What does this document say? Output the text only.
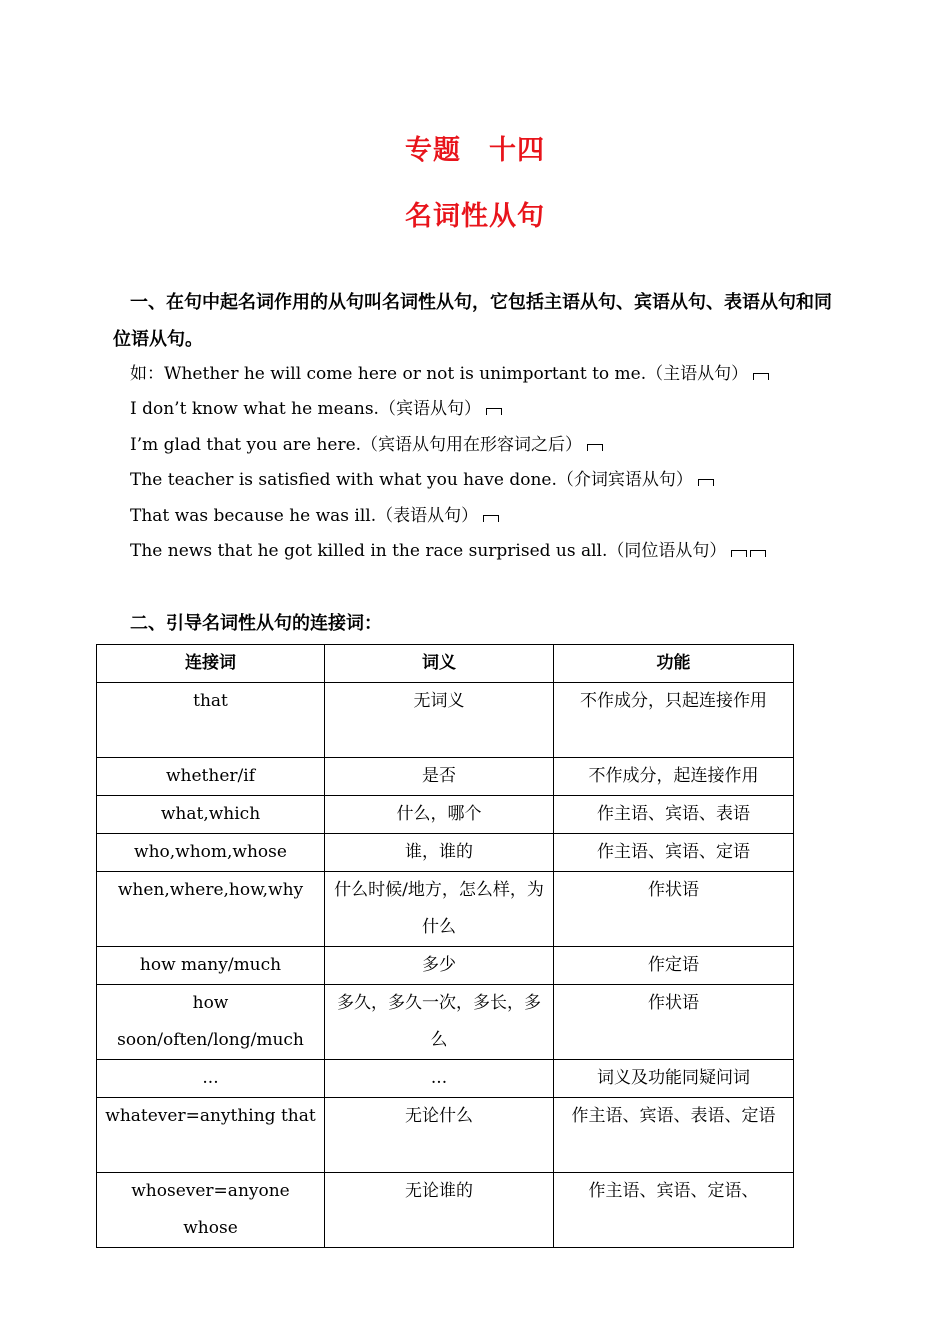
专题　十四
名词性从句
一、在句中起名词作用的从句叫名词性从句，它包括主语从句、宾语从句、表语从句和同位语从句。
如：Whether he will come here or not is unimportant to me.（主语从句）
I don’t know what he means.（宾语从句）
I’m glad that you are here.（宾语从句用在形容词之后）
The teacher is satisfied with what you have done.（介词宾语从句）
That was because he was ill.（表语从句）
The news that he got killed in the race surprised us all.（同位语从句）
二、引导名词性从句的连接词：
连接词	词义	功能
that	无词义	不作成分，只起连接作用
whether/if	是否	不作成分，起连接作用
what,which	什么，哪个	作主语、宾语、表语
who,whom,whose	谁，谁的	作主语、宾语、定语
when,where,how,why	什么时候/地方，怎么样，为什么	作状语
how many/much	多少	作定语
how soon/often/long/much	多久，多久一次，多长，多么	作状语
...	...	词义及功能同疑问词
whatever=anything that	无论什么	作主语、宾语、表语、定语
whosever=anyone whose	无论谁的	作主语、宾语、定语、
